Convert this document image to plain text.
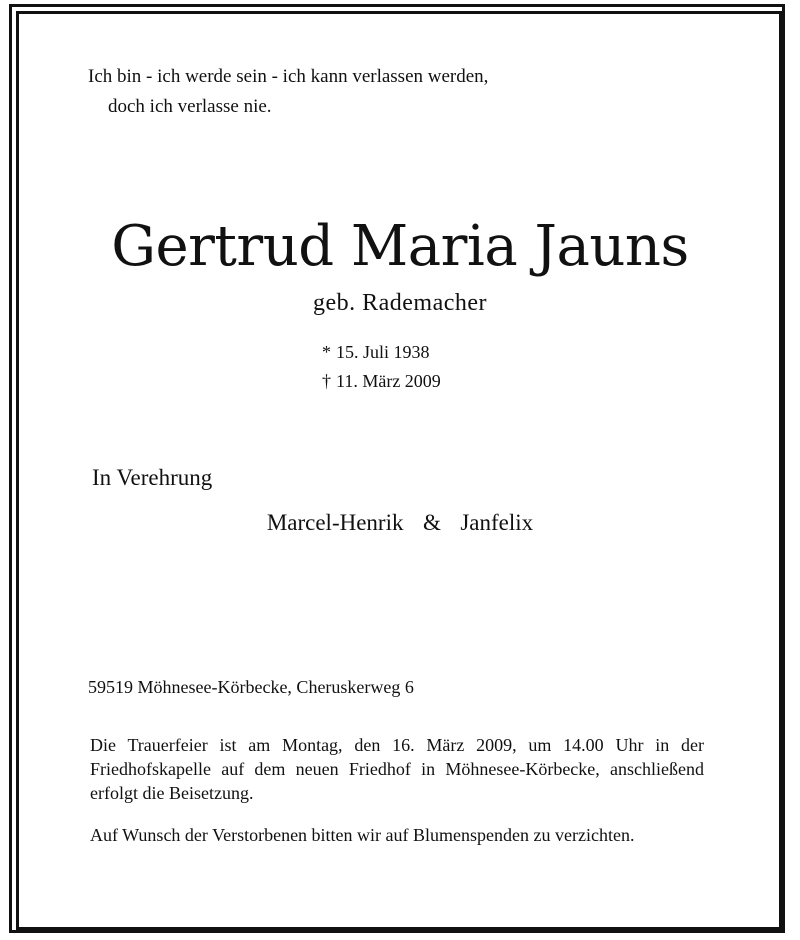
Ich bin - ich werde sein - ich kann verlassen werden,
doch ich verlasse nie.
Gertrud Maria Jauns
geb. Rademacher
* 15. Juli 1938
† 11. März 2009
In Verehrung
Marcel-Henrik  &  Janfelix
59519 Möhnesee-Körbecke, Cheruskerweg 6
Die Trauerfeier ist am Montag, den 16. März 2009, um 14.00 Uhr in der Friedhofskapelle auf dem neuen Friedhof in Möhnesee-Körbecke, anschließend erfolgt die Beisetzung.
Auf Wunsch der Verstorbenen bitten wir auf Blumenspenden zu verzichten.
